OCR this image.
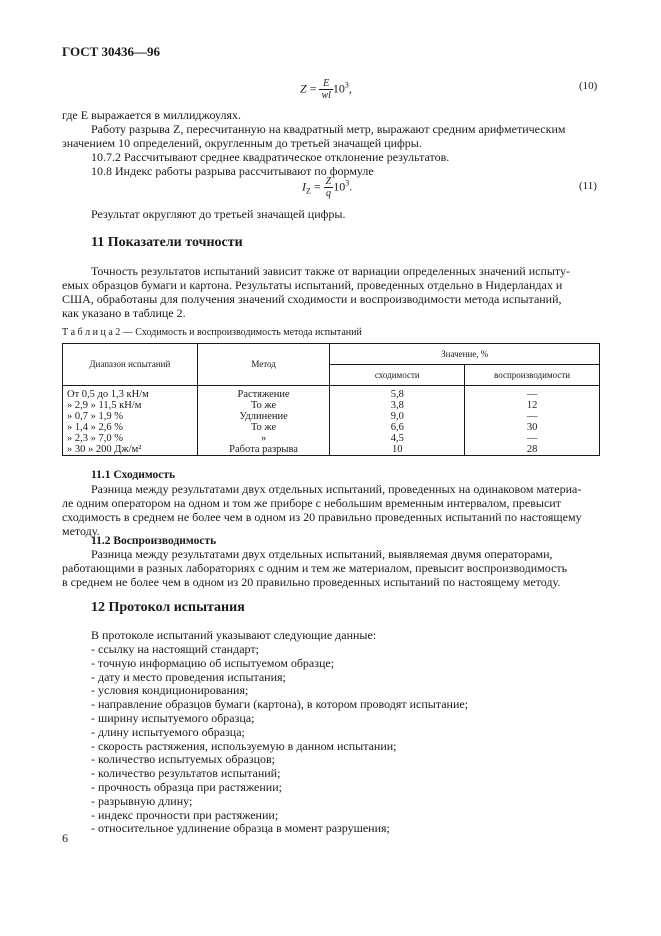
ГОСТ 30436—96
$Z = \frac{E}{wl} 10^3$,	(10)
где E выражается в миллиджоулях.
Работу разрыва Z, пересчитанную на квадратный метр, выражают средним арифметическим
значением 10 определений, округленным до третьей значащей цифры.
10.7.2 Рассчитывают среднее квадратическое отклонение результатов.
10.8 Индекс работы разрыва рассчитывают по формуле
$I_Z = \frac{Z}{q} 10^3$.	(11)
Результат округляют до третьей значащей цифры.
11 Показатели точности
Точность результатов испытаний зависит также от вариации определенных значений испыту-
емых образцов бумаги и картона. Результаты испытаний, проведенных отдельно в Нидерландах и
США, обработаны для получения значений сходимости и воспроизводимости метода испытаний,
как указано в таблице 2.
Т а б л и ц а 2 — Сходимость и воспроизводимость метода испытаний
Диапазон испытаний	Метод	Значение, %	
		сходимости	воспроизводимости
От 0,5 до 1,3 кН/м	Растяжение	5,8	—
» 2,9 » 11,5 кН/м	То же	3,8	12
» 0,7 » 1,9 %	Удлинение	9,0	—
» 1,4 » 2,6 %	То же	6,6	30
» 2,3 » 7,0 %	»	4,5	—
» 30 » 200 Дж/м²	Работа разрыва	10	28
11.1 Сходимость
Разница между результатами двух отдельных испытаний, проведенных на одинаковом материа-
ле одним оператором на одном и том же приборе с небольшим временным интервалом, превысит
сходимость в среднем не более чем в одном из 20 правильно проведенных испытаний по настоящему
методу.
11.2 Воспроизводимость
Разница между результатами двух отдельных испытаний, выявляемая двумя операторами,
работающими в разных лабораториях с одним и тем же материалом, превысит воспроизводимость
в среднем не более чем в одном из 20 правильно проведенных испытаний по настоящему методу.
12 Протокол испытания
В протоколе испытаний указывают следующие данные:
- ссылку на настоящий стандарт;
- точную информацию об испытуемом образце;
- дату и место проведения испытания;
- условия кондиционирования;
- направление образцов бумаги (картона), в котором проводят испытание;
- ширину испытуемого образца;
- длину испытуемого образца;
- скорость растяжения, используемую в данном испытании;
- количество испытуемых образцов;
- количество результатов испытаний;
- прочность образца при растяжении;
- разрывную длину;
- индекс прочности при растяжении;
- относительное удлинение образца в момент разрушения;
6
